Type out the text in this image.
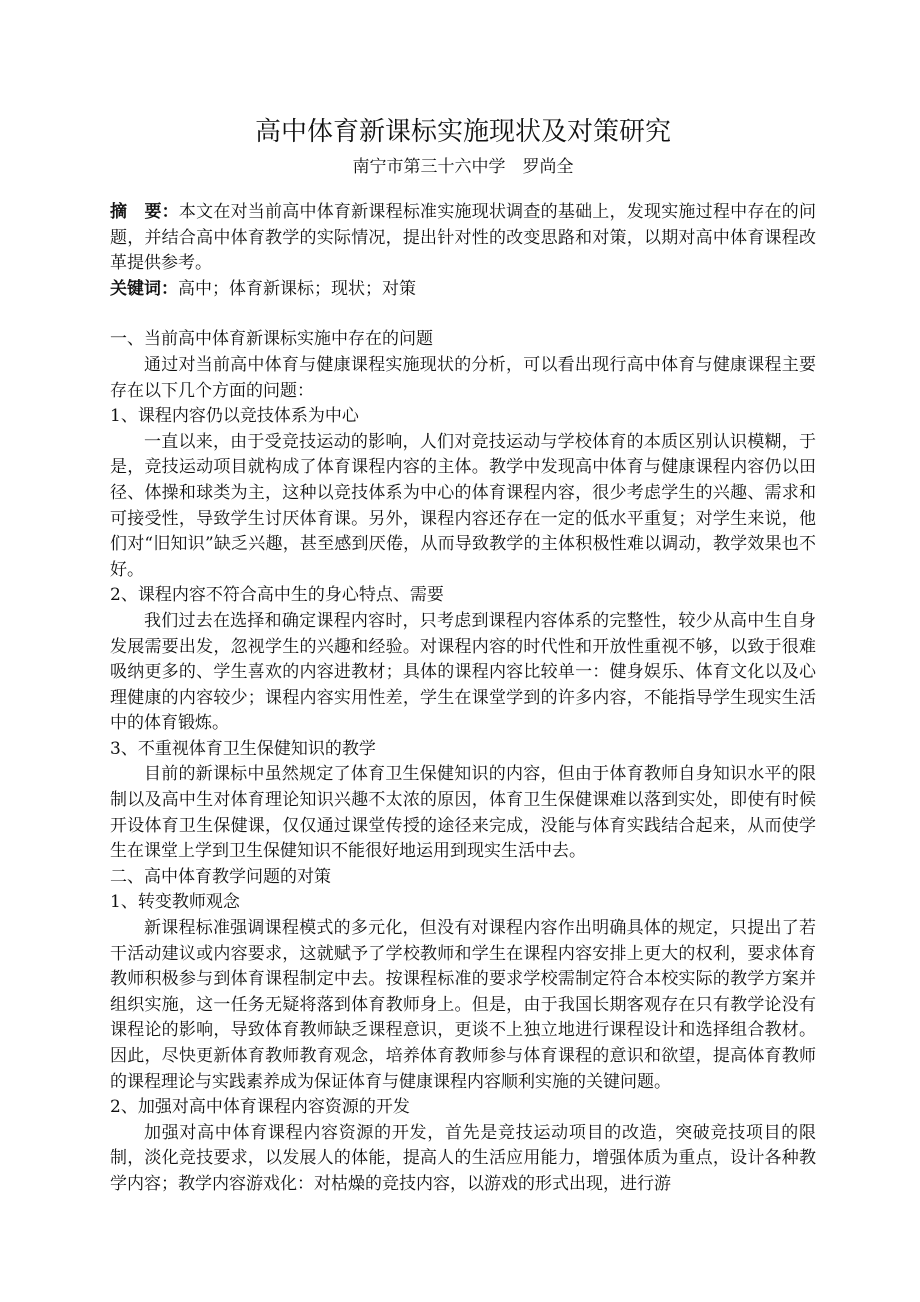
高中体育新课标实施现状及对策研究
南宁市第三十六中学　罗尚全

摘　要：本文在对当前高中体育新课程标准实施现状调查的基础上，发现实施过程中存在的问题，并结合高中体育教学的实际情况，提出针对性的改变思路和对策，以期对高中体育课程改革提供参考。

关键词：高中；体育新课标；现状；对策

一、当前高中体育新课标实施中存在的问题

通过对当前高中体育与健康课程实施现状的分析，可以看出现行高中体育与健康课程主要存在以下几个方面的问题：

1、课程内容仍以竞技体系为中心

一直以来，由于受竞技运动的影响，人们对竞技运动与学校体育的本质区别认识模糊，于是，竞技运动项目就构成了体育课程内容的主体。教学中发现高中体育与健康课程内容仍以田径、体操和球类为主，这种以竞技体系为中心的体育课程内容，很少考虑学生的兴趣、需求和可接受性，导致学生讨厌体育课。另外，课程内容还存在一定的低水平重复；对学生来说，他们对“旧知识”缺乏兴趣，甚至感到厌倦，从而导致教学的主体积极性难以调动，教学效果也不好。

2、课程内容不符合高中生的身心特点、需要

我们过去在选择和确定课程内容时，只考虑到课程内容体系的完整性，较少从高中生自身发展需要出发，忽视学生的兴趣和经验。对课程内容的时代性和开放性重视不够，以致于很难吸纳更多的、学生喜欢的内容进教材；具体的课程内容比较单一：健身娱乐、体育文化以及心理健康的内容较少；课程内容实用性差，学生在课堂学到的许多内容，不能指导学生现实生活中的体育锻炼。

3、不重视体育卫生保健知识的教学

目前的新课标中虽然规定了体育卫生保健知识的内容，但由于体育教师自身知识水平的限制以及高中生对体育理论知识兴趣不太浓的原因，体育卫生保健课难以落到实处，即使有时候开设体育卫生保健课，仅仅通过课堂传授的途径来完成，没能与体育实践结合起来，从而使学生在课堂上学到卫生保健知识不能很好地运用到现实生活中去。

二、高中体育教学问题的对策

1、转变教师观念

新课程标准强调课程模式的多元化，但没有对课程内容作出明确具体的规定，只提出了若干活动建议或内容要求，这就赋予了学校教师和学生在课程内容安排上更大的权利，要求体育教师积极参与到体育课程制定中去。按课程标准的要求学校需制定符合本校实际的教学方案并组织实施，这一任务无疑将落到体育教师身上。但是，由于我国长期客观存在只有教学论没有课程论的影响，导致体育教师缺乏课程意识，更谈不上独立地进行课程设计和选择组合教材。因此，尽快更新体育教师教育观念，培养体育教师参与体育课程的意识和欲望，提高体育教师的课程理论与实践素养成为保证体育与健康课程内容顺利实施的关键问题。

2、加强对高中体育课程内容资源的开发

加强对高中体育课程内容资源的开发，首先是竞技运动项目的改造，突破竞技项目的限制，淡化竞技要求，以发展人的体能，提高人的生活应用能力，增强体质为重点，设计各种教学内容；教学内容游戏化：对枯燥的竞技内容，以游戏的形式出现，进行游
